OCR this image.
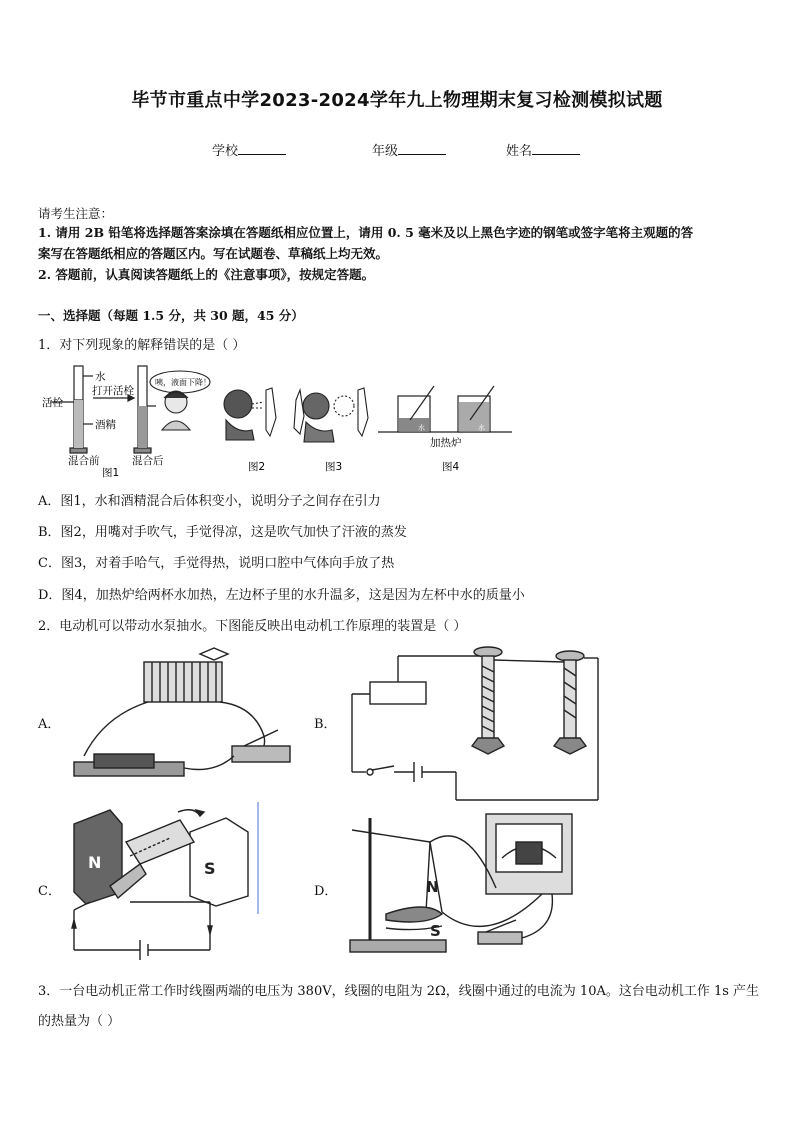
毕节市重点中学2023-2024学年九上物理期末复习检测模拟试题
学校	年级	姓名
请考生注意：
1. 请用 2B 铅笔将选择题答案涂填在答题纸相应位置上，请用 0. 5 毫米及以上黑色字迹的钢笔或签字笔将主观题的答
案写在答题纸相应的答题区内。写在试题卷、草稿纸上均无效。
2. 答题前，认真阅读答题纸上的《注意事项》，按规定答题。
一、选择题（每题 1.5 分，共 30 题，45 分）
1．对下列现象的解释错误的是（ ）
水
活栓
打开活栓
酒精
混合前	混合后
图1
咦，液面下降！
图2	图3
水	水
加热炉
图4
A．图1，水和酒精混合后体积变小，说明分子之间存在引力
B．图2，用嘴对手吹气，手觉得凉，这是吹气加快了汗液的蒸发
C．图3，对着手哈气，手觉得热，说明口腔中气体向手放了热
D．图4，加热炉给两杯水加热，左边杯子里的水升温多，这是因为左杯中水的质量小
2．电动机可以带动水泵抽水。下图能反映出电动机工作原理的装置是（ ）
A．	B．
C．	D．
N	S
N
S
3．一台电动机正常工作时线圈两端的电压为 380V，线圈的电阻为 2Ω，线圈中通过的电流为 10A。这台电动机工作 1s 产生的热量为（ ）
